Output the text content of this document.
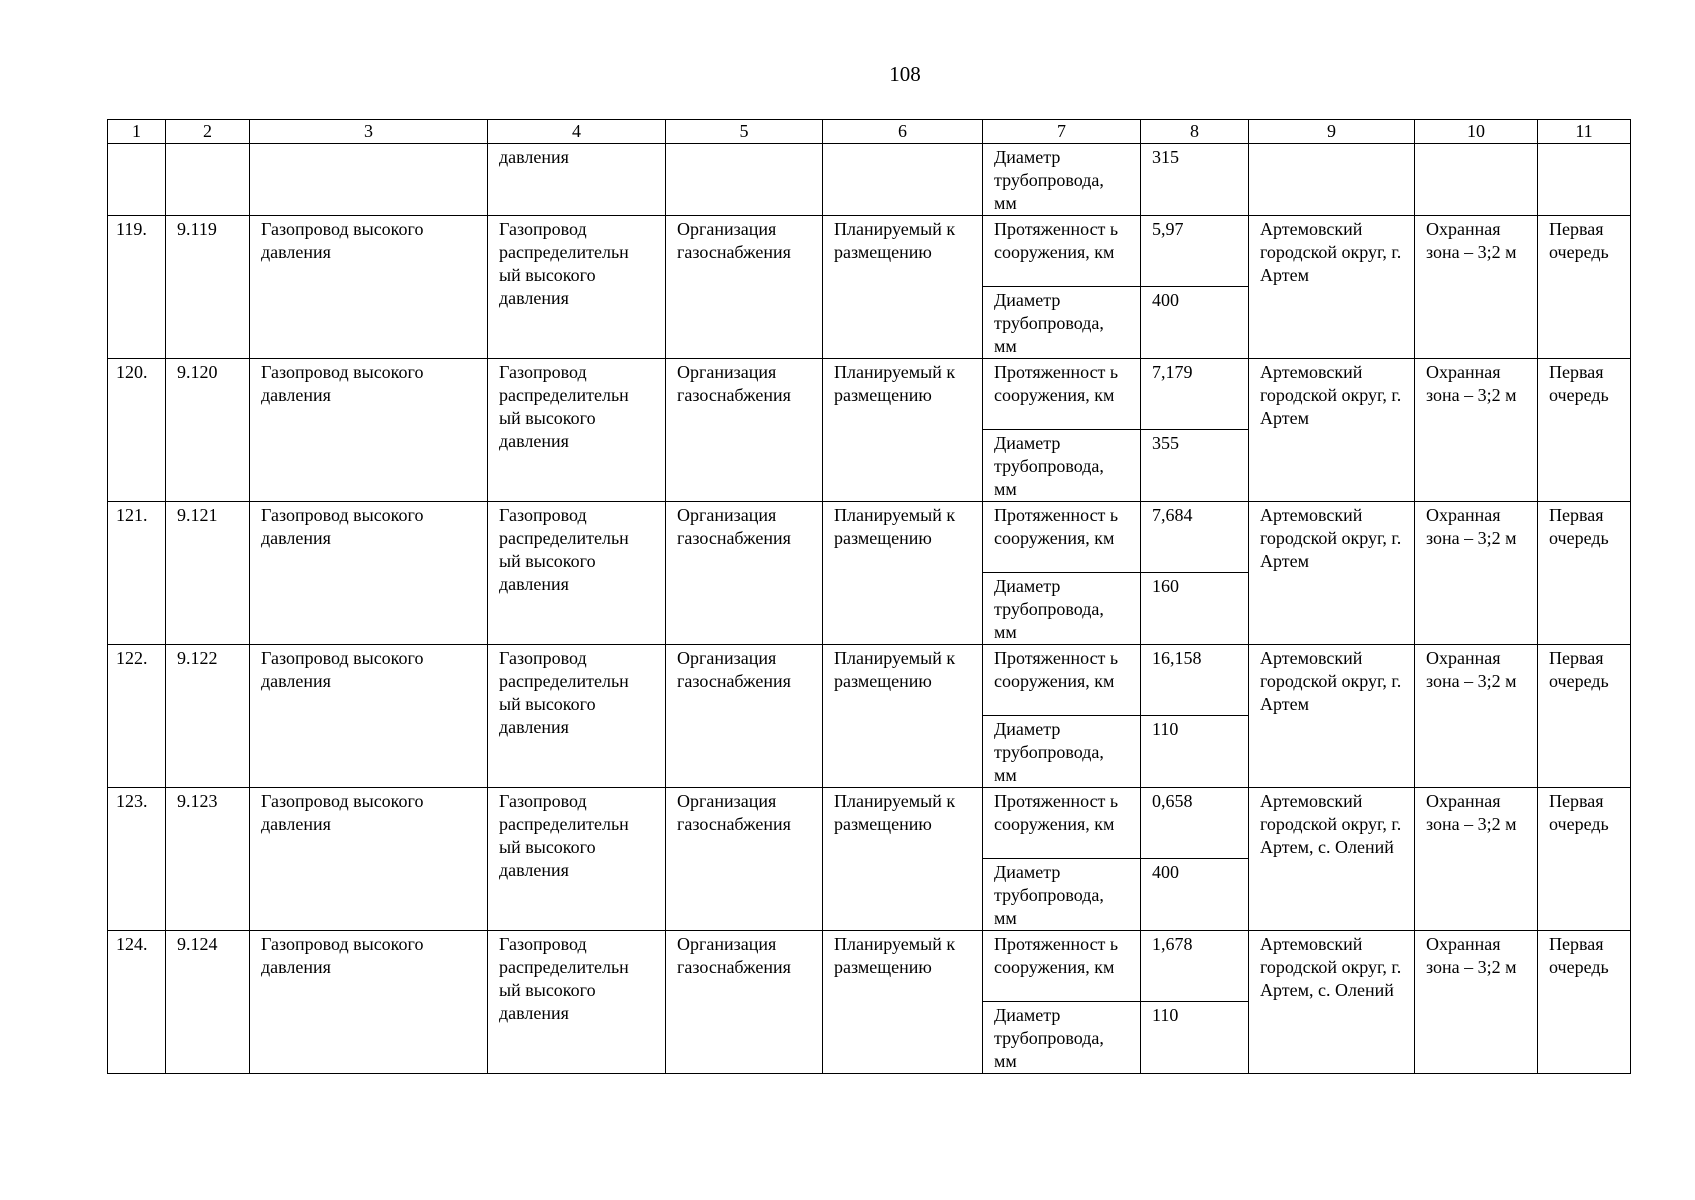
108
1	2	3	4	5	6	7	8	9	10	11
			давления			Диаметр трубопровода, мм	315			
119.	9.119	Газопровод высокого давления	Газопровод распределительн ый высокого давления	Организация газоснабжения	Планируемый к размещению	Протяженност ь сооружения, км	5,97	Артемовский городской округ, г. Артем	Охранная зона – 3;2 м	Первая очередь
						Диаметр трубопровода, мм	400			
120.	9.120	Газопровод высокого давления	Газопровод распределительн ый высокого давления	Организация газоснабжения	Планируемый к размещению	Протяженност ь сооружения, км	7,179	Артемовский городской округ, г. Артем	Охранная зона – 3;2 м	Первая очередь
						Диаметр трубопровода, мм	355			
121.	9.121	Газопровод высокого давления	Газопровод распределительн ый высокого давления	Организация газоснабжения	Планируемый к размещению	Протяженност ь сооружения, км	7,684	Артемовский городской округ, г. Артем	Охранная зона – 3;2 м	Первая очередь
						Диаметр трубопровода, мм	160			
122.	9.122	Газопровод высокого давления	Газопровод распределительн ый высокого давления	Организация газоснабжения	Планируемый к размещению	Протяженност ь сооружения, км	16,158	Артемовский городской округ, г. Артем	Охранная зона – 3;2 м	Первая очередь
						Диаметр трубопровода, мм	110			
123.	9.123	Газопровод высокого давления	Газопровод распределительн ый высокого давления	Организация газоснабжения	Планируемый к размещению	Протяженност ь сооружения, км	0,658	Артемовский городской округ, г. Артем, с. Олений	Охранная зона – 3;2 м	Первая очередь
						Диаметр трубопровода, мм	400			
124.	9.124	Газопровод высокого давления	Газопровод распределительн ый высокого давления	Организация газоснабжения	Планируемый к размещению	Протяженност ь сооружения, км	1,678	Артемовский городской округ, г. Артем, с. Олений	Охранная зона – 3;2 м	Первая очередь
						Диаметр трубопровода, мм	110			
